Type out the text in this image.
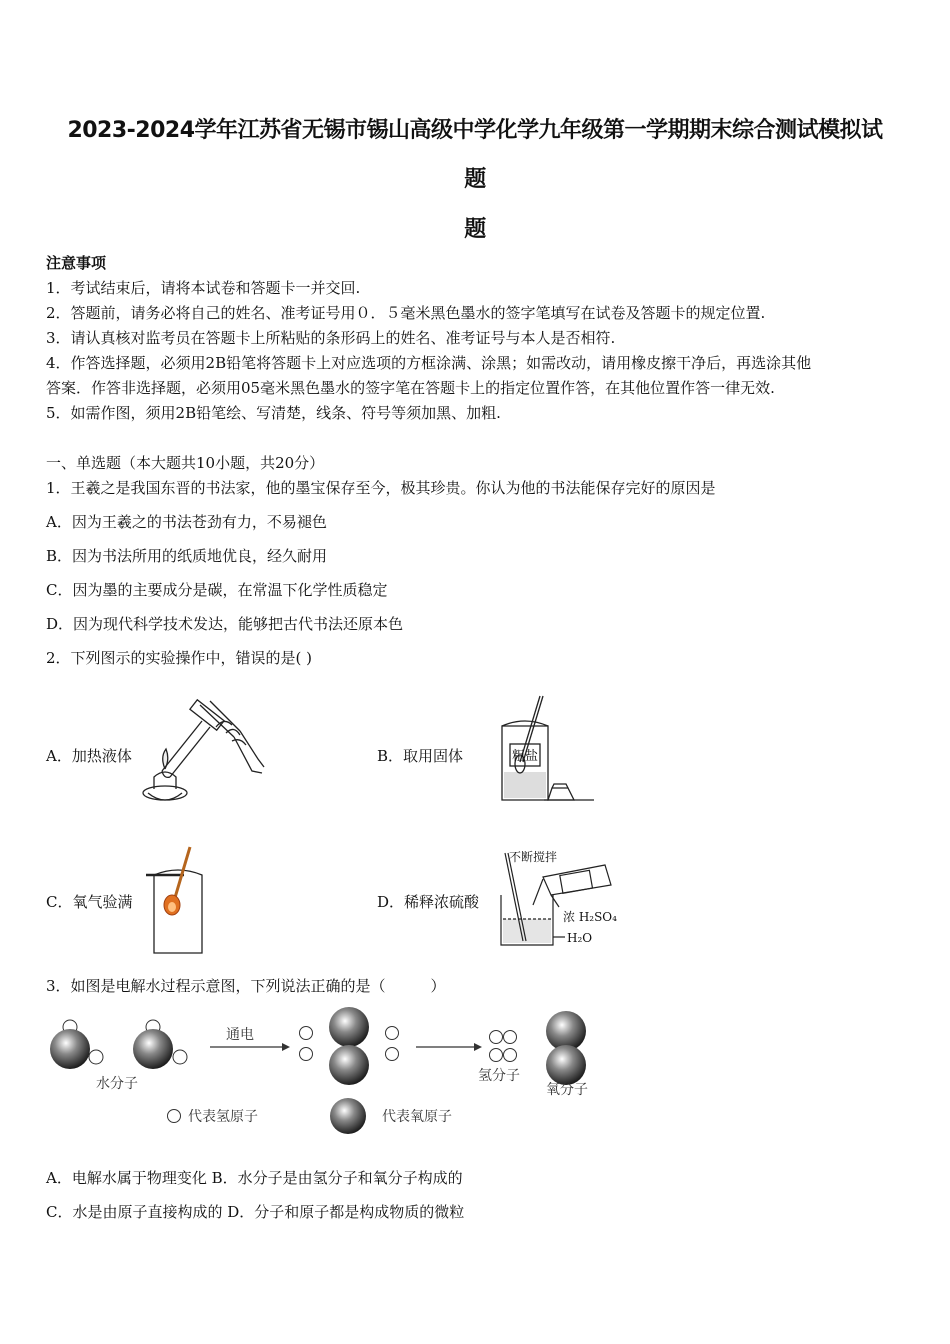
2023-2024学年江苏省无锡市锡山高级中学化学九年级第一学期期末综合测试模拟试
题
题
注意事项
1．考试结束后，请将本试卷和答题卡一并交回.
2．答题前，请务必将自己的姓名、准考证号用０．５毫米黑色墨水的签字笔填写在试卷及答题卡的规定位置.
3．请认真核对监考员在答题卡上所粘贴的条形码上的姓名、准考证号与本人是否相符.
4．作答选择题，必须用2B铅笔将答题卡上对应选项的方框涂满、涂黑；如需改动，请用橡皮擦干净后，再选涂其他
答案．作答非选择题，必须用05毫米黑色墨水的签字笔在答题卡上的指定位置作答，在其他位置作答一律无效.
5．如需作图，须用2B铅笔绘、写清楚，线条、符号等须加黑、加粗.
一、单选题（本大题共10小题，共20分）
1．王羲之是我国东晋的书法家，他的墨宝保存至今，极其珍贵。你认为他的书法能保存完好的原因是
A．因为王羲之的书法苍劲有力，不易褪色
B．因为书法所用的纸质地优良，经久耐用
C．因为墨的主要成分是碳，在常温下化学性质稳定
D．因为现代科学技术发达，能够把古代书法还原本色
2．下列图示的实验操作中，错误的是( )
A．加热液体	B．取用固体
C．氧气验满	D．稀释浓硫酸
粗盐
不断搅拌
浓 H₂SO₄
H₂O
3．如图是电解水过程示意图，下列说法正确的是（　　　）
水分子
通电
氢分子
氧分子
代表氢原子	代表氧原子
A．电解水属于物理变化 B．水分子是由氢分子和氧分子构成的
C．水是由原子直接构成的 D．分子和原子都是构成物质的微粒
